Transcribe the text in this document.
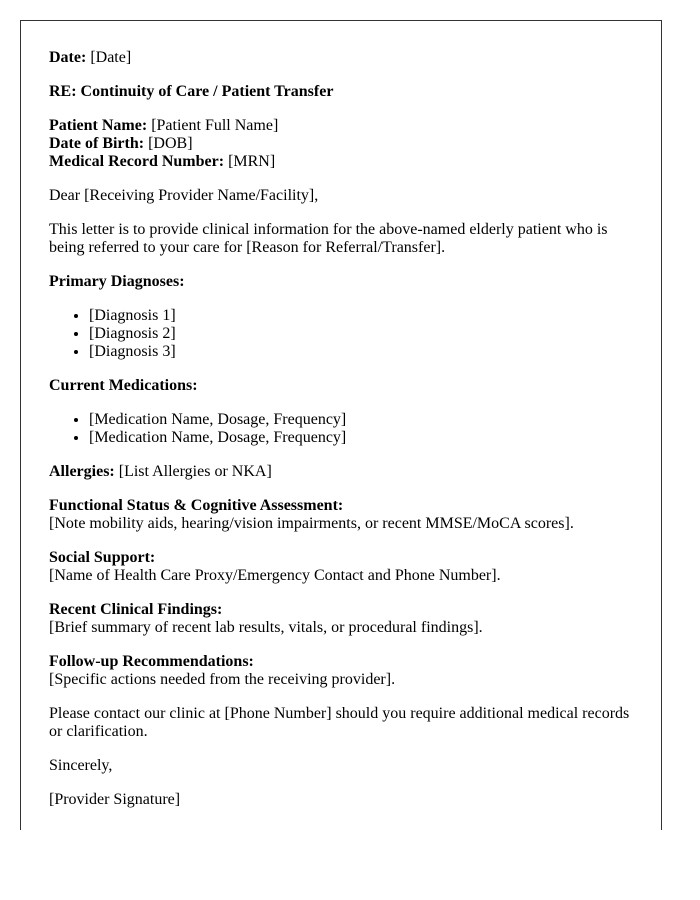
Date: [Date]

RE: Continuity of Care / Patient Transfer

Patient Name: [Patient Full Name]
Date of Birth: [DOB]
Medical Record Number: [MRN]

Dear [Receiving Provider Name/Facility],

This letter is to provide clinical information for the above-named elderly patient who is being referred to your care for [Reason for Referral/Transfer].

Primary Diagnoses:

• [Diagnosis 1]
• [Diagnosis 2]
• [Diagnosis 3]

Current Medications:

• [Medication Name, Dosage, Frequency]
• [Medication Name, Dosage, Frequency]

Allergies: [List Allergies or NKA]

Functional Status & Cognitive Assessment:
[Note mobility aids, hearing/vision impairments, or recent MMSE/MoCA scores].

Social Support:
[Name of Health Care Proxy/Emergency Contact and Phone Number].

Recent Clinical Findings:
[Brief summary of recent lab results, vitals, or procedural findings].

Follow-up Recommendations:
[Specific actions needed from the receiving provider].

Please contact our clinic at [Phone Number] should you require additional medical records or clarification.

Sincerely,

[Provider Signature]
